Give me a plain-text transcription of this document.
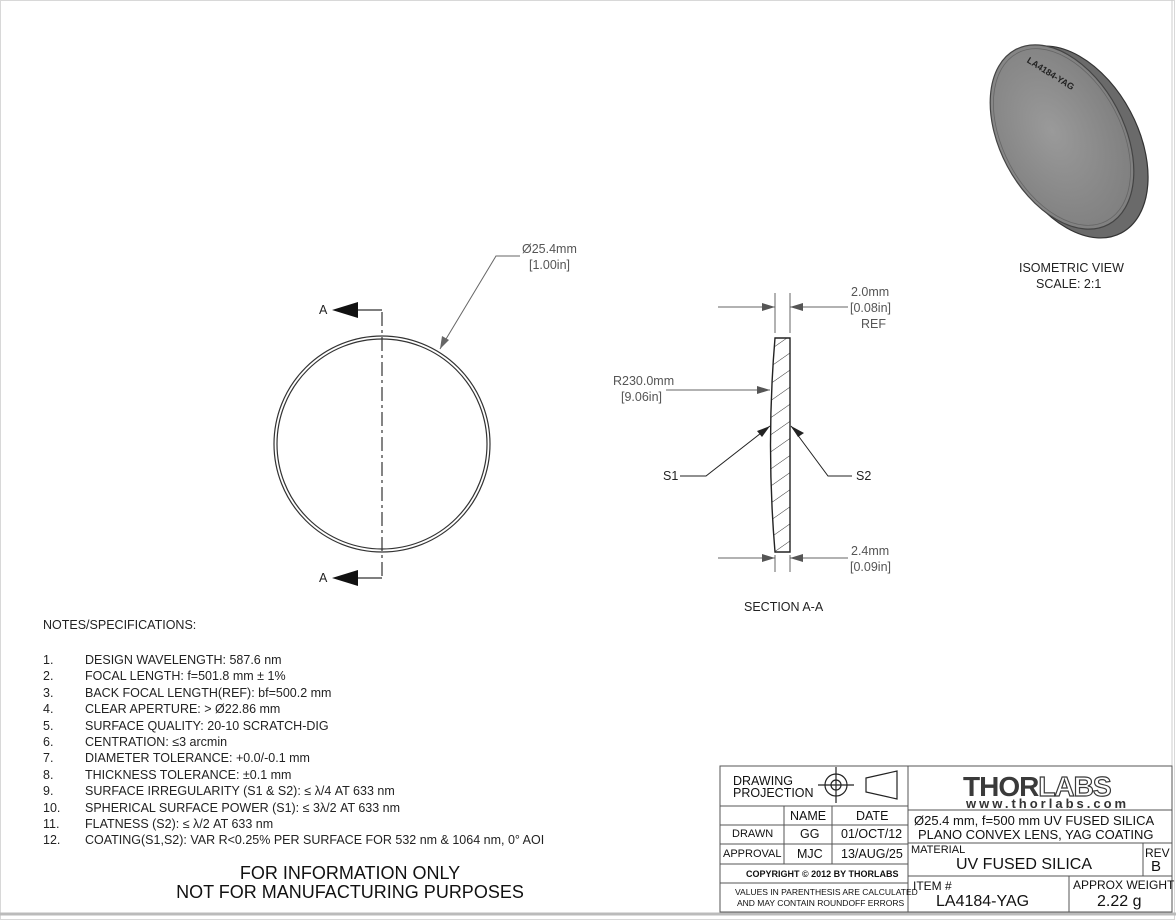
Ø25.4mm
[1.00in]
A
A
2.0mm
[0.08in]
REF
R230.0mm
[9.06in]
S1	S2
2.4mm
[0.09in]
SECTION A-A
ISOMETRIC VIEW
SCALE: 2:1
LA4184-YAG
NOTES/SPECIFICATIONS:
1.	DESIGN WAVELENGTH: 587.6 nm
2.	FOCAL LENGTH: f=501.8 mm ± 1%
3.	BACK FOCAL LENGTH(REF): bf=500.2 mm
4.	CLEAR APERTURE: > Ø22.86 mm
5.	SURFACE QUALITY: 20-10 SCRATCH-DIG
6.	CENTRATION: ≤3 arcmin
7.	DIAMETER TOLERANCE: +0.0/-0.1 mm
8.	THICKNESS TOLERANCE: ±0.1 mm
9.	SURFACE IRREGULARITY (S1 & S2): ≤ λ/4 AT 633 nm
10.	SPHERICAL SURFACE POWER (S1): ≤ 3λ/2 AT 633 nm
11.	FLATNESS (S2): ≤ λ/2 AT 633 nm
12.	COATING(S1,S2): VAR R<0.25% PER SURFACE FOR 532 nm & 1064 nm, 0° AOI
FOR INFORMATION ONLY
NOT FOR MANUFACTURING PURPOSES
DRAWING
PROJECTION
NAME DATE
DRAWN GG 01/OCT/12
APPROVAL MJC 13/AUG/25
COPYRIGHT © 2012 BY THORLABS
VALUES IN PARENTHESIS ARE CALCULATED
AND MAY CONTAIN ROUNDOFF ERRORS
THORLABS
www.thorlabs.com
Ø25.4 mm, f=500 mm UV FUSED SILICA
PLANO CONVEX LENS, YAG COATING
MATERIAL
UV FUSED SILICA
REV
B
ITEM #
LA4184-YAG
APPROX WEIGHT
2.22 g
